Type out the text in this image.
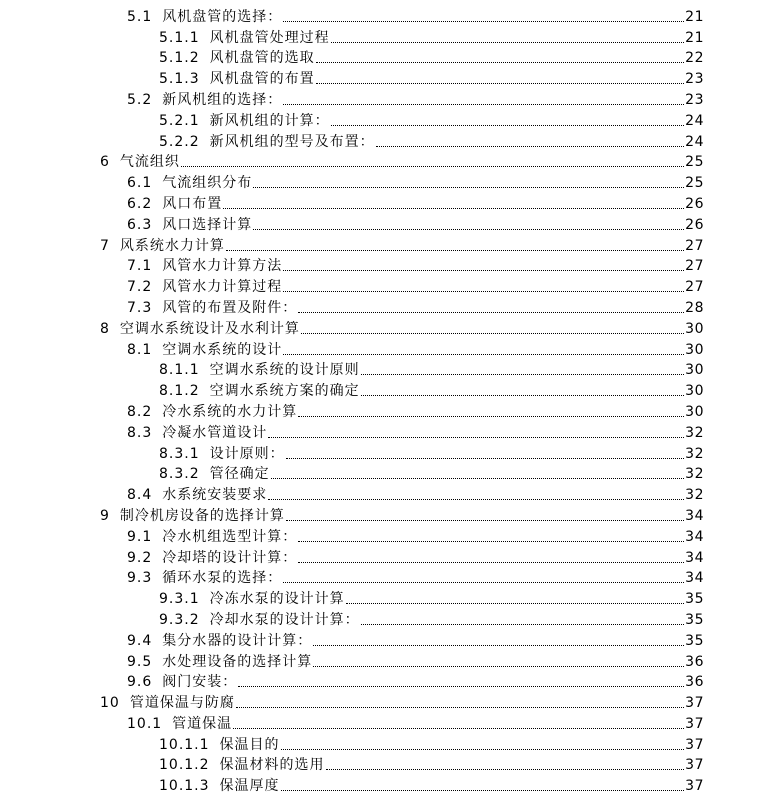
5.1 风机盘管的选择：	21
5.1.1 风机盘管处理过程	21
5.1.2 风机盘管的选取	22
5.1.3 风机盘管的布置	23
5.2 新风机组的选择：	23
5.2.1 新风机组的计算：	24
5.2.2 新风机组的型号及布置：	24
6 气流组织	25
6.1 气流组织分布	25
6.2 风口布置	26
6.3 风口选择计算	26
7 风系统水力计算	27
7.1 风管水力计算方法	27
7.2 风管水力计算过程	27
7.3 风管的布置及附件：	28
8 空调水系统设计及水利计算	30
8.1 空调水系统的设计	30
8.1.1 空调水系统的设计原则	30
8.1.2 空调水系统方案的确定	30
8.2 冷水系统的水力计算	30
8.3 冷凝水管道设计	32
8.3.1 设计原则：	32
8.3.2 管径确定	32
8.4 水系统安装要求	32
9 制冷机房设备的选择计算	34
9.1 冷水机组选型计算：	34
9.2 冷却塔的设计计算：	34
9.3 循环水泵的选择：	34
9.3.1 冷冻水泵的设计计算	35
9.3.2 冷却水泵的设计计算：	35
9.4 集分水器的设计计算：	35
9.5 水处理设备的选择计算	36
9.6 阀门安装：	36
10 管道保温与防腐	37
10.1 管道保温	37
10.1.1 保温目的	37
10.1.2 保温材料的选用	37
10.1.3 保温厚度	37
